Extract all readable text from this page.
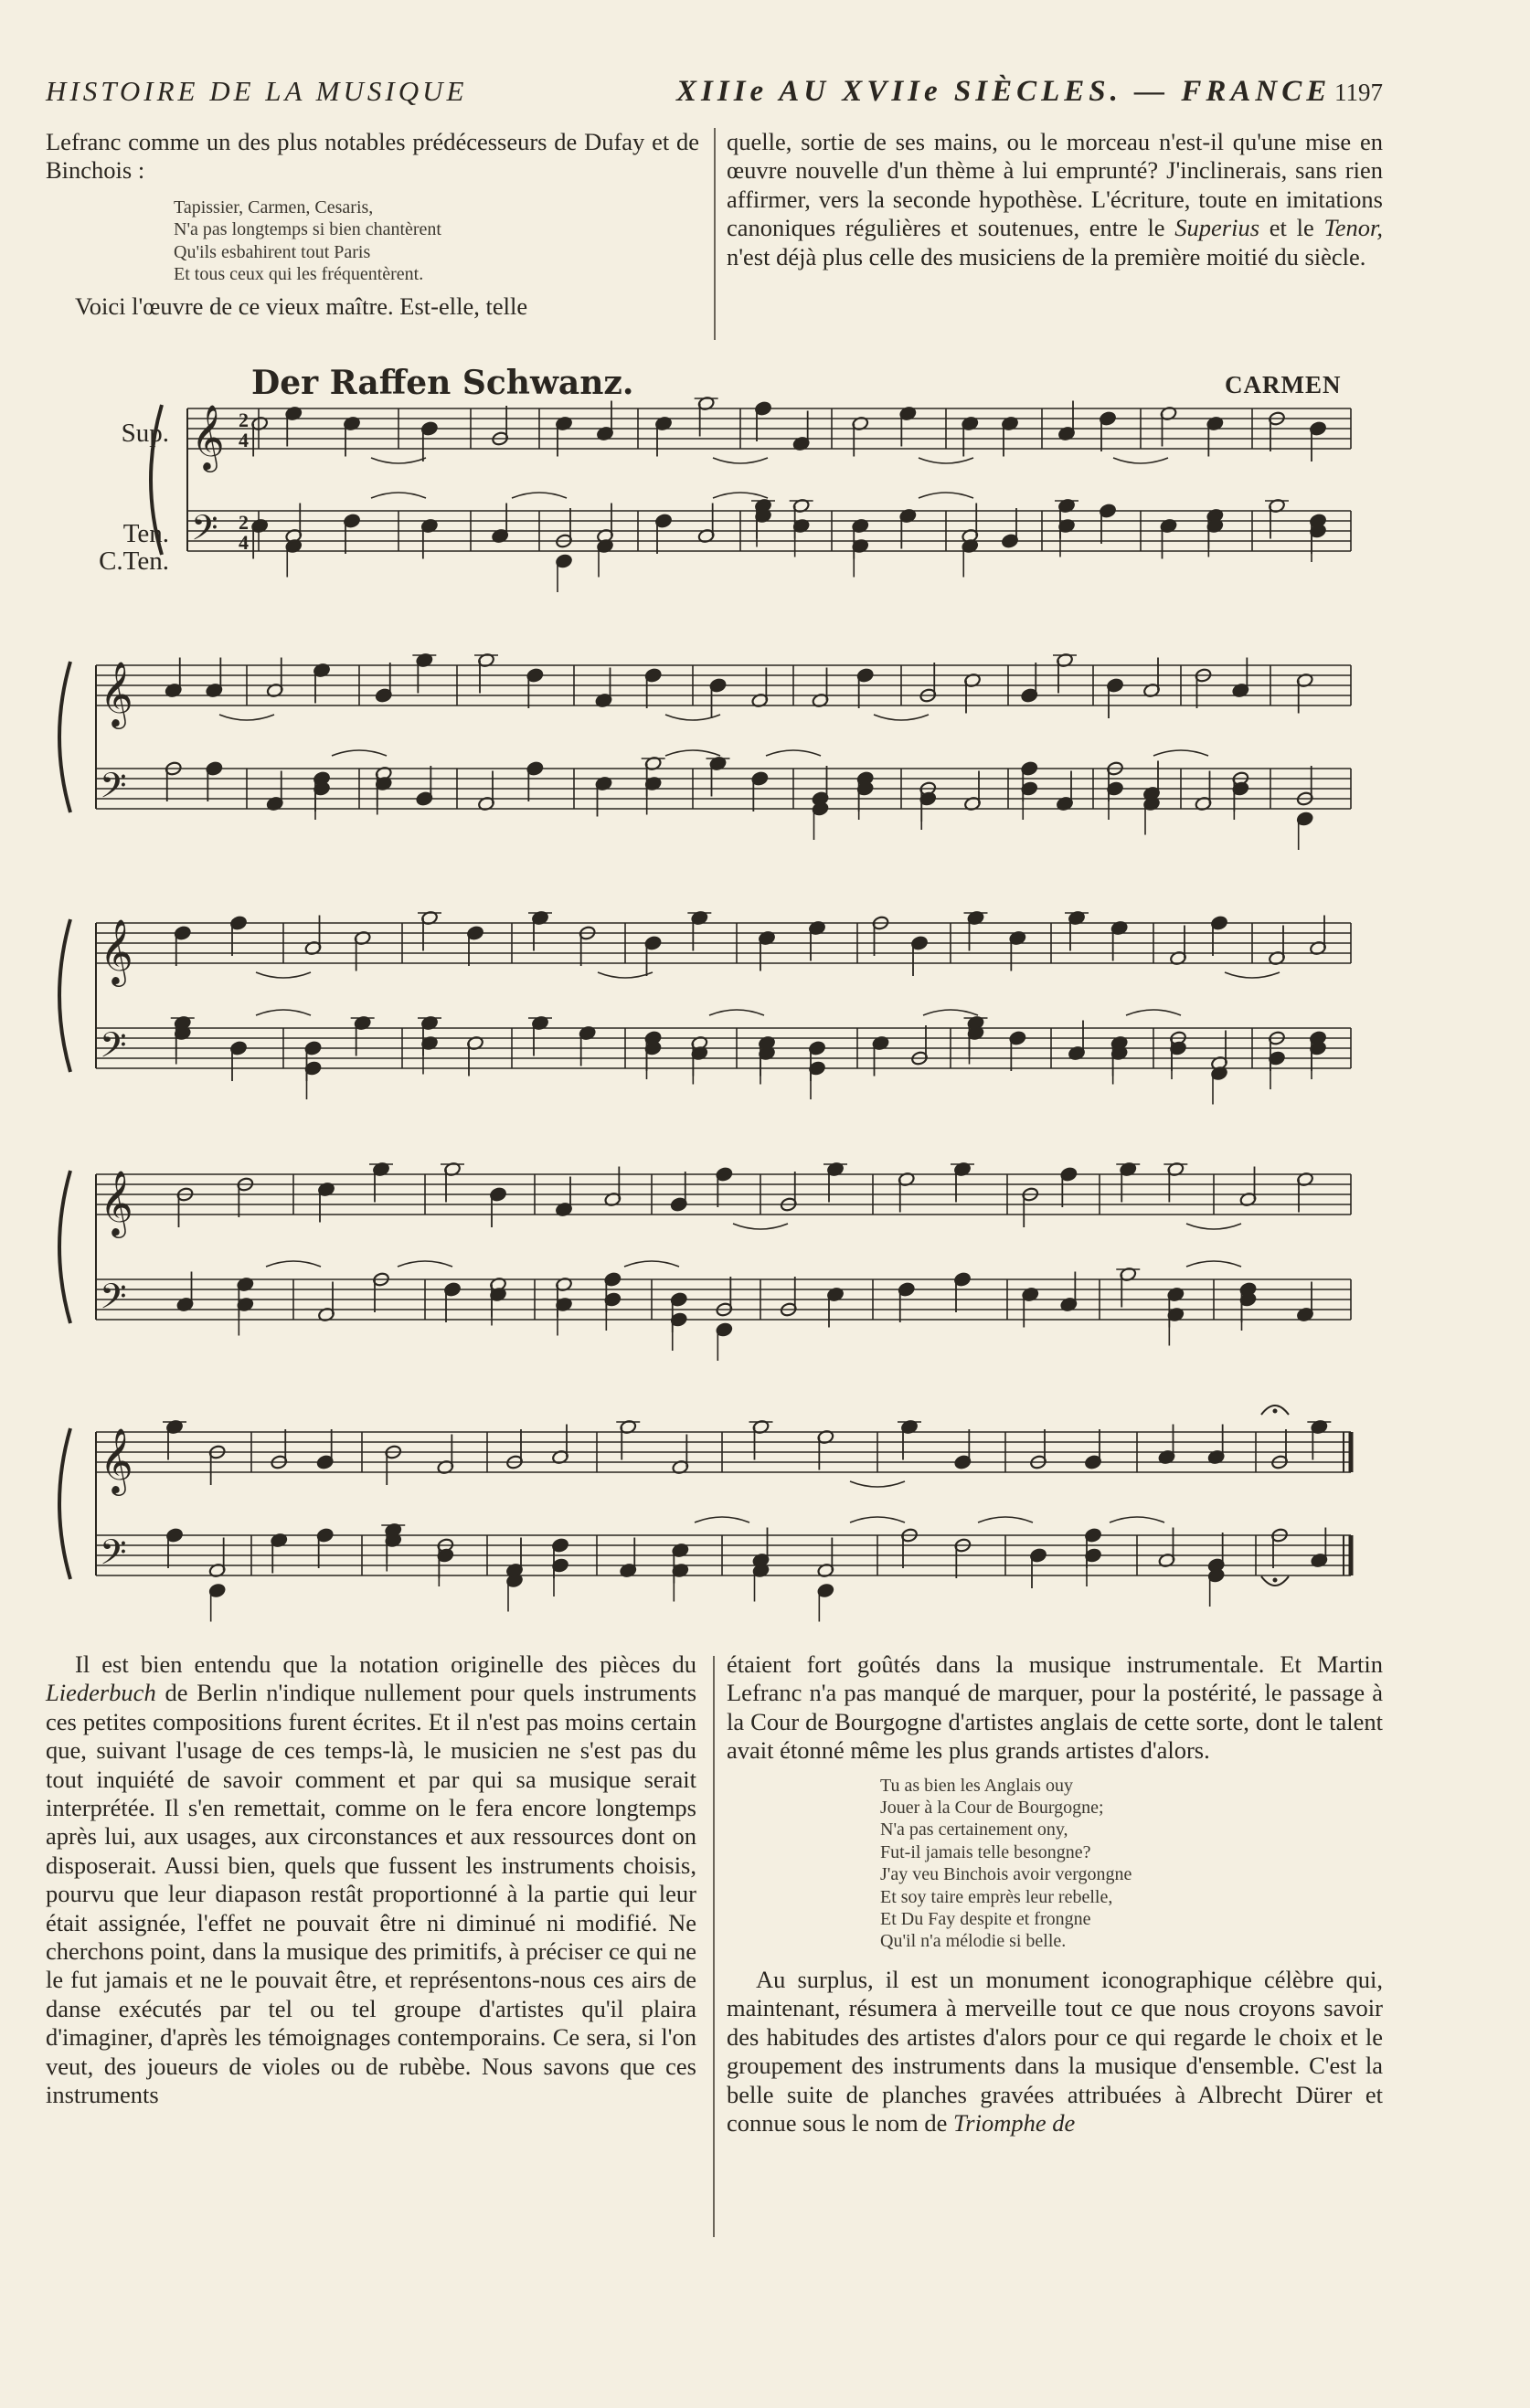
HISTOIRE DE LA MUSIQUE	XIIIe AU XVIIe SIÈCLES. — FRANCE 1197

Lefranc comme un des plus notables prédécesseurs de Dufay et de Binchois :

Tapissier, Carmen, Cesaris,
N'a pas longtemps si bien chantèrent
Qu'ils esbahirent tout Paris
Et tous ceux qui les fréquentèrent.

Voici l'œuvre de ce vieux maître. Est-elle, telle

quelle, sortie de ses mains, ou le morceau n'est-il qu'une mise en œuvre nouvelle d'un thème à lui emprunté? J'inclinerais, sans rien affirmer, vers la seconde hypothèse. L'écriture, toute en imitations canoniques régulières et soutenues, entre le Superius et le Tenor, n'est déjà plus celle des musiciens de la première moitié du siècle.

Der Raffen Schwanz.	CARMEN
Sup.
Ten.
C.Ten.
𝄞 2
4
𝄢 2
4
𝄞
𝄢
𝄞
𝄢
𝄞
𝄢
𝄞
𝄢

Il est bien entendu que la notation originelle des pièces du Liederbuch de Berlin n'indique nullement pour quels instruments ces petites compositions furent écrites. Et il n'est pas moins certain que, suivant l'usage de ces temps-là, le musicien ne s'est pas du tout inquiété de savoir comment et par qui sa musique serait interprétée. Il s'en remettait, comme on le fera encore longtemps après lui, aux usages, aux circonstances et aux ressources dont on disposerait. Aussi bien, quels que fussent les instruments choisis, pourvu que leur diapason restât proportionné à la partie qui leur était assignée, l'effet ne pouvait être ni diminué ni modifié. Ne cherchons point, dans la musique des primitifs, à préciser ce qui ne le fut jamais et ne le pouvait être, et représentons-nous ces airs de danse exécutés par tel ou tel groupe d'artistes qu'il plaira d'imaginer, d'après les témoignages contemporains. Ce sera, si l'on veut, des joueurs de violes ou de rubèbe. Nous savons que ces instruments

étaient fort goûtés dans la musique instrumentale. Et Martin Lefranc n'a pas manqué de marquer, pour la postérité, le passage à la Cour de Bourgogne d'artistes anglais de cette sorte, dont le talent avait étonné même les plus grands artistes d'alors.

Tu as bien les Anglais ouy
Jouer à la Cour de Bourgogne;
N'a pas certainement ony,
Fut-il jamais telle besongne?
J'ay veu Binchois avoir vergongne
Et soy taire emprès leur rebelle,
Et Du Fay despite et frongne
Qu'il n'a mélodie si belle.

Au surplus, il est un monument iconographique célèbre qui, maintenant, résumera à merveille tout ce que nous croyons savoir des habitudes des artistes d'alors pour ce qui regarde le choix et le groupement des instruments dans la musique d'ensemble. C'est la belle suite de planches gravées attribuées à Albrecht Dürer et connue sous le nom de Triomphe de
